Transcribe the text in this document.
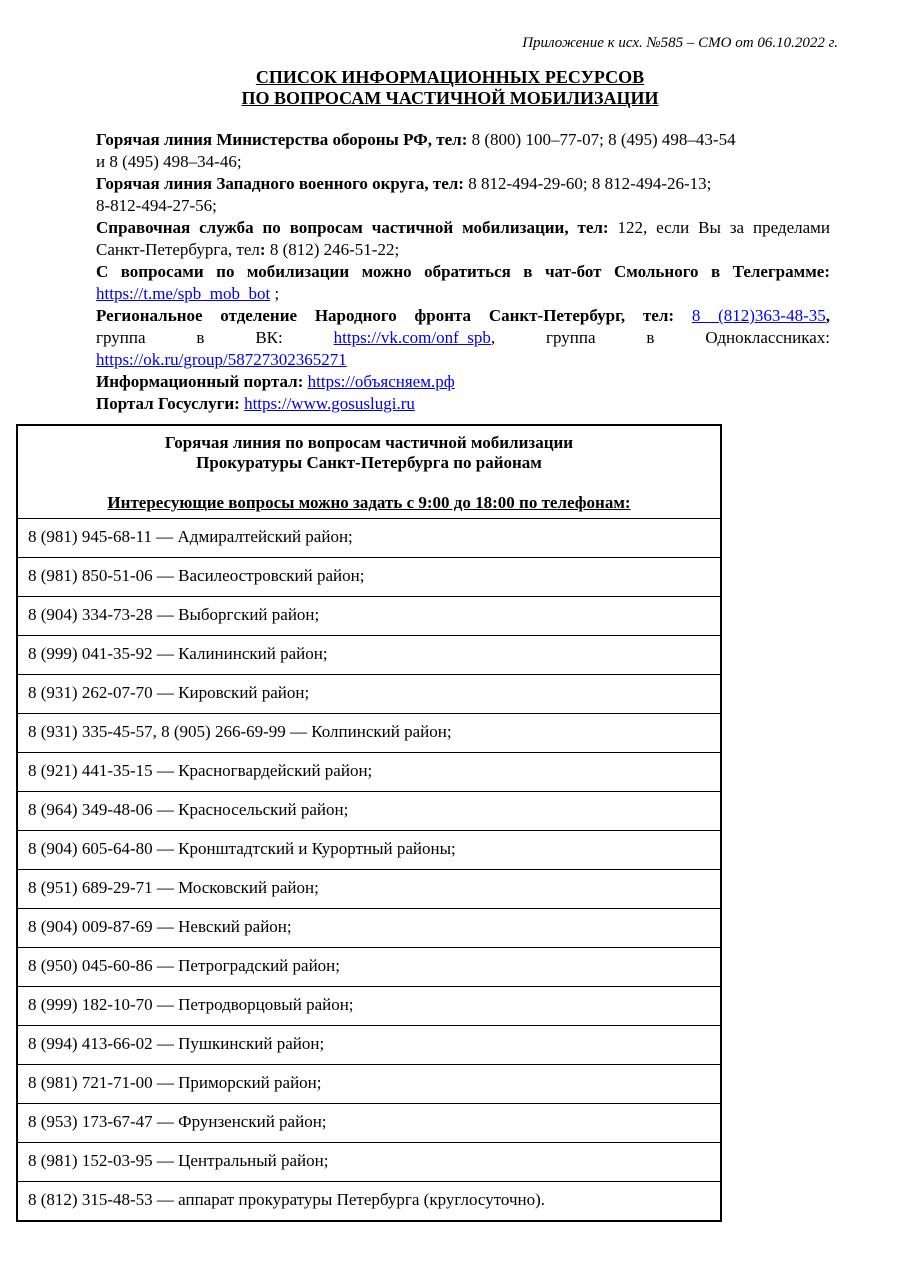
Приложение к исх. №585 – СМО от 06.10.2022 г.
СПИСОК ИНФОРМАЦИОННЫХ РЕСУРСОВ
ПО ВОПРОСАМ ЧАСТИЧНОЙ МОБИЛИЗАЦИИ
Горячая линия Министерства обороны РФ, тел: 8 (800) 100–77-07; 8 (495) 498–43-54
и 8 (495) 498–34-46;
Горячая линия Западного военного округа, тел: 8 812-494-29-60; 8 812-494-26-13;
8-812-494-27-56;
Справочная служба по вопросам частичной мобилизации, тел: 122, если Вы за пределами
Санкт-Петербурга, тел: 8 (812) 246-51-22;
С вопросами по мобилизации можно обратиться в чат-бот Смольного в Телеграмме:
https://t.me/spb_mob_bot ;
Региональное отделение Народного фронта Санкт-Петербург, тел: 8 (812)363-48-35,
группа в ВК: https://vk.com/onf_spb, группа в Одноклассниках:
https://ok.ru/group/58727302365271
Информационный портал: https://объясняем.рф
Портал Госуслуги: https://www.gosuslugi.ru
Горячая линия по вопросам частичной мобилизации
Прокуратуры Санкт-Петербурга по районам
Интересующие вопросы можно задать с 9:00 до 18:00 по телефонам:

8 (981) 945-68-11 — Адмиралтейский район;
8 (981) 850-51-06 — Василеостровский район;
8 (904) 334-73-28 — Выборгский район;
8 (999) 041-35-92 — Калининский район;
8 (931) 262-07-70 — Кировский район;
8 (931) 335-45-57, 8 (905) 266-69-99 — Колпинский район;
8 (921) 441-35-15 — Красногвардейский район;
8 (964) 349-48-06 — Красносельский район;
8 (904) 605-64-80 — Кронштадтский и Курортный районы;
8 (951) 689-29-71 — Московский район;
8 (904) 009-87-69 — Невский район;
8 (950) 045-60-86 — Петроградский район;
8 (999) 182-10-70 — Петродворцовый район;
8 (994) 413-66-02 — Пушкинский район;
8 (981) 721-71-00 — Приморский район;
8 (953) 173-67-47 — Фрунзенский район;
8 (981) 152-03-95 — Центральный район;
8 (812) 315-48-53 — аппарат прокуратуры Петербурга (круглосуточно).
